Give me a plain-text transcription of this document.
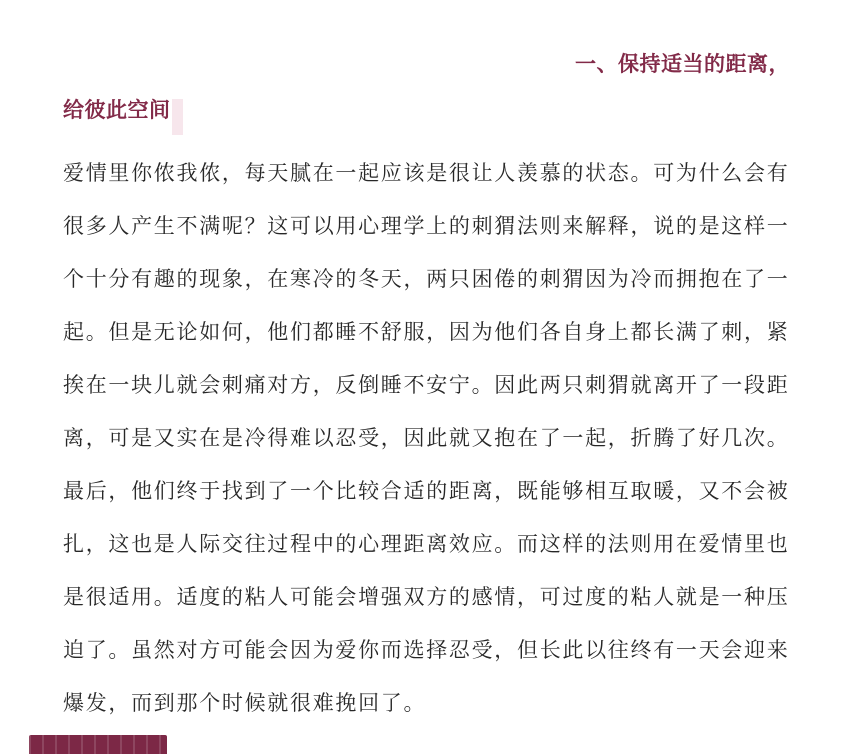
一、保持适当的距离，
给彼此空间
爱情里你侬我侬，每天腻在一起应该是很让人羡慕的状态。可为什么会有
很多人产生不满呢？这可以用心理学上的刺猬法则来解释，说的是这样一
个十分有趣的现象，在寒冷的冬天，两只困倦的刺猬因为冷而拥抱在了一
起。但是无论如何，他们都睡不舒服，因为他们各自身上都长满了刺，紧
挨在一块儿就会刺痛对方，反倒睡不安宁。因此两只刺猬就离开了一段距
离，可是又实在是冷得难以忍受，因此就又抱在了一起，折腾了好几次。
最后，他们终于找到了一个比较合适的距离，既能够相互取暖，又不会被
扎，这也是人际交往过程中的心理距离效应。而这样的法则用在爱情里也
是很适用。适度的粘人可能会增强双方的感情，可过度的粘人就是一种压
迫了。虽然对方可能会因为爱你而选择忍受，但长此以往终有一天会迎来
爆发，而到那个时候就很难挽回了。
